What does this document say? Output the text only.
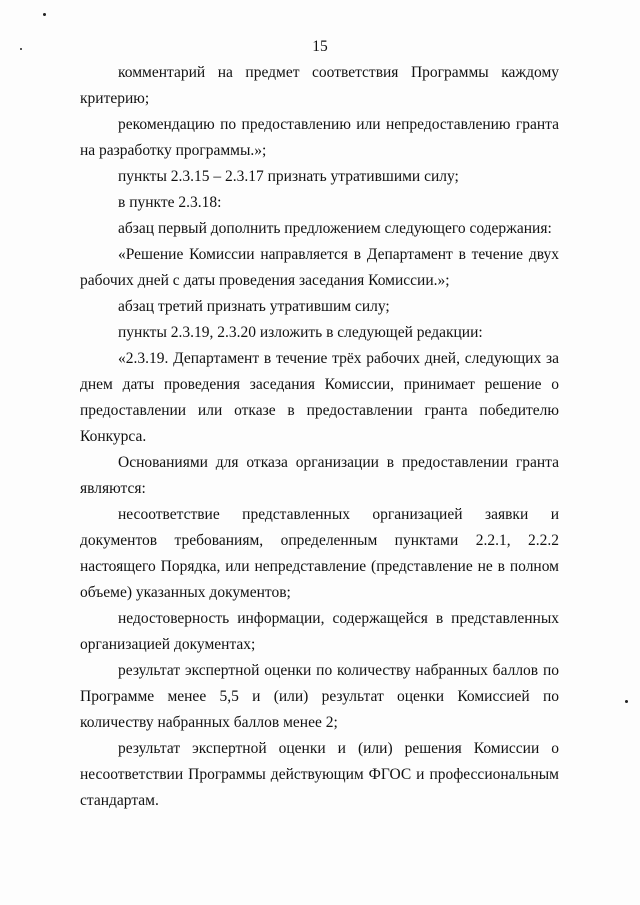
15

комментарий на предмет соответствия Программы каждому критерию;

рекомендацию по предоставлению или непредоставлению гранта на разработку программы.»;

пункты 2.3.15 – 2.3.17 признать утратившими силу;

в пункте 2.3.18:

абзац первый дополнить предложением следующего содержания:

«Решение Комиссии направляется в Департамент в течение двух рабочих дней с даты проведения заседания Комиссии.»;

абзац третий признать утратившим силу;

пункты 2.3.19, 2.3.20 изложить в следующей редакции:

«2.3.19. Департамент в течение трёх рабочих дней, следующих за днем даты проведения заседания Комиссии, принимает решение о предоставлении или отказе в предоставлении гранта победителю Конкурса.

Основаниями для отказа организации в предоставлении гранта являются:

несоответствие представленных организацией заявки и документов требованиям, определенным пунктами 2.2.1, 2.2.2 настоящего Порядка, или непредставление (представление не в полном объеме) указанных документов;

недостоверность информации, содержащейся в представленных организацией документах;

результат экспертной оценки по количеству набранных баллов по Программе менее 5,5 и (или) результат оценки Комиссией по количеству набранных баллов менее 2;

результат экспертной оценки и (или) решения Комиссии о несоответствии Программы действующим ФГОС и профессиональным стандартам.
